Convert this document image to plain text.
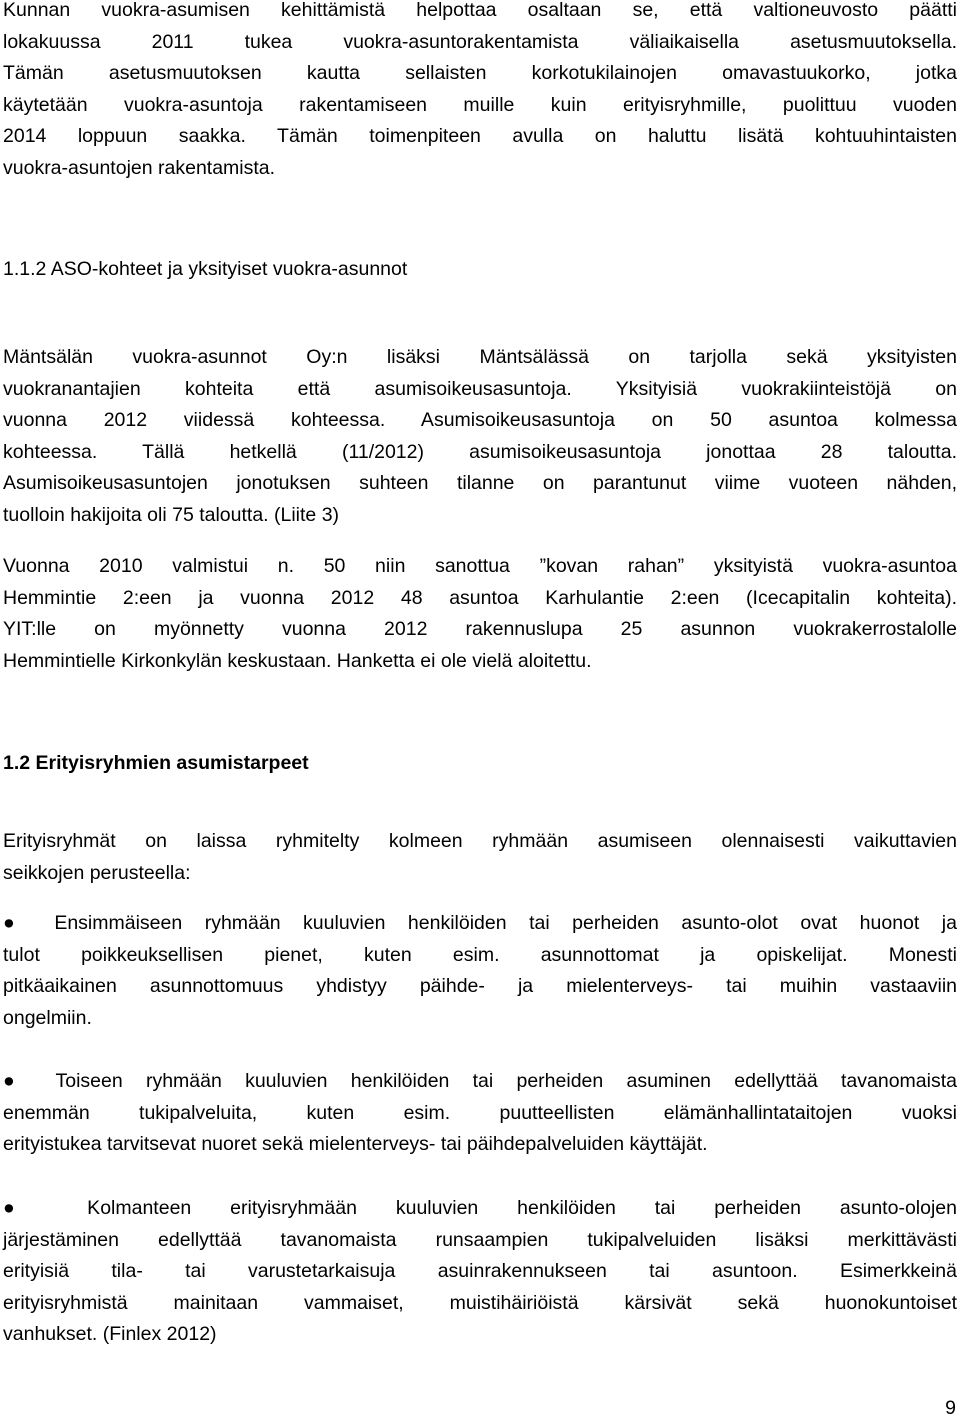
Kunnan vuokra-asumisen kehittämistä helpottaa osaltaan se, että valtioneuvosto päätti
lokakuussa 2011 tukea vuokra-asuntorakentamista väliaikaisella asetusmuutoksella.
Tämän asetusmuutoksen kautta sellaisten korkotukilainojen omavastuukorko, jotka
käytetään vuokra-asuntoja rakentamiseen muille kuin erityisryhmille, puolittuu vuoden
2014 loppuun saakka. Tämän toimenpiteen avulla on haluttu lisätä kohtuuhintaisten
vuokra-asuntojen rakentamista.
1.1.2 ASO-kohteet ja yksityiset vuokra-asunnot
Mäntsälän vuokra-asunnot Oy:n lisäksi Mäntsälässä on tarjolla sekä yksityisten
vuokranantajien kohteita että asumisoikeusasuntoja. Yksityisiä vuokrakiinteistöjä on
vuonna 2012 viidessä kohteessa. Asumisoikeusasuntoja on 50 asuntoa kolmessa
kohteessa. Tällä hetkellä (11/2012) asumisoikeusasuntoja jonottaa 28 taloutta.
Asumisoikeusasuntojen jonotuksen suhteen tilanne on parantunut viime vuoteen nähden,
tuolloin hakijoita oli 75 taloutta. (Liite 3)
Vuonna 2010 valmistui n. 50 niin sanottua ”kovan rahan” yksityistä vuokra-asuntoa
Hemmintie 2:een ja vuonna 2012 48 asuntoa Karhulantie 2:een (Icecapitalin kohteita).
YIT:lle on myönnetty vuonna 2012 rakennuslupa 25 asunnon vuokrakerrostalolle
Hemmintielle Kirkonkylän keskustaan. Hanketta ei ole vielä aloitettu.
1.2 Erityisryhmien asumistarpeet
Erityisryhmät on laissa ryhmitelty kolmeen ryhmään asumiseen olennaisesti vaikuttavien
seikkojen perusteella:
● Ensimmäiseen ryhmään kuuluvien henkilöiden tai perheiden asunto-olot ovat huonot ja
tulot poikkeuksellisen pienet, kuten esim. asunnottomat ja opiskelijat. Monesti
pitkäaikainen asunnottomuus yhdistyy päihde- ja mielenterveys- tai muihin vastaaviin
ongelmiin.
● Toiseen ryhmään kuuluvien henkilöiden tai perheiden asuminen edellyttää tavanomaista
enemmän tukipalveluita, kuten esim. puutteellisten elämänhallintataitojen vuoksi
erityistukea tarvitsevat nuoret sekä mielenterveys- tai päihdepalveluiden käyttäjät.
● Kolmanteen erityisryhmään kuuluvien henkilöiden tai perheiden asunto-olojen
järjestäminen edellyttää tavanomaista runsaampien tukipalveluiden lisäksi merkittävästi
erityisiä tila- tai varustetarkaisuja asuinrakennukseen tai asuntoon. Esimerkkeinä
erityisryhmistä mainitaan vammaiset, muistihäiriöistä kärsivät sekä huonokuntoiset
vanhukset. (Finlex 2012)
9
